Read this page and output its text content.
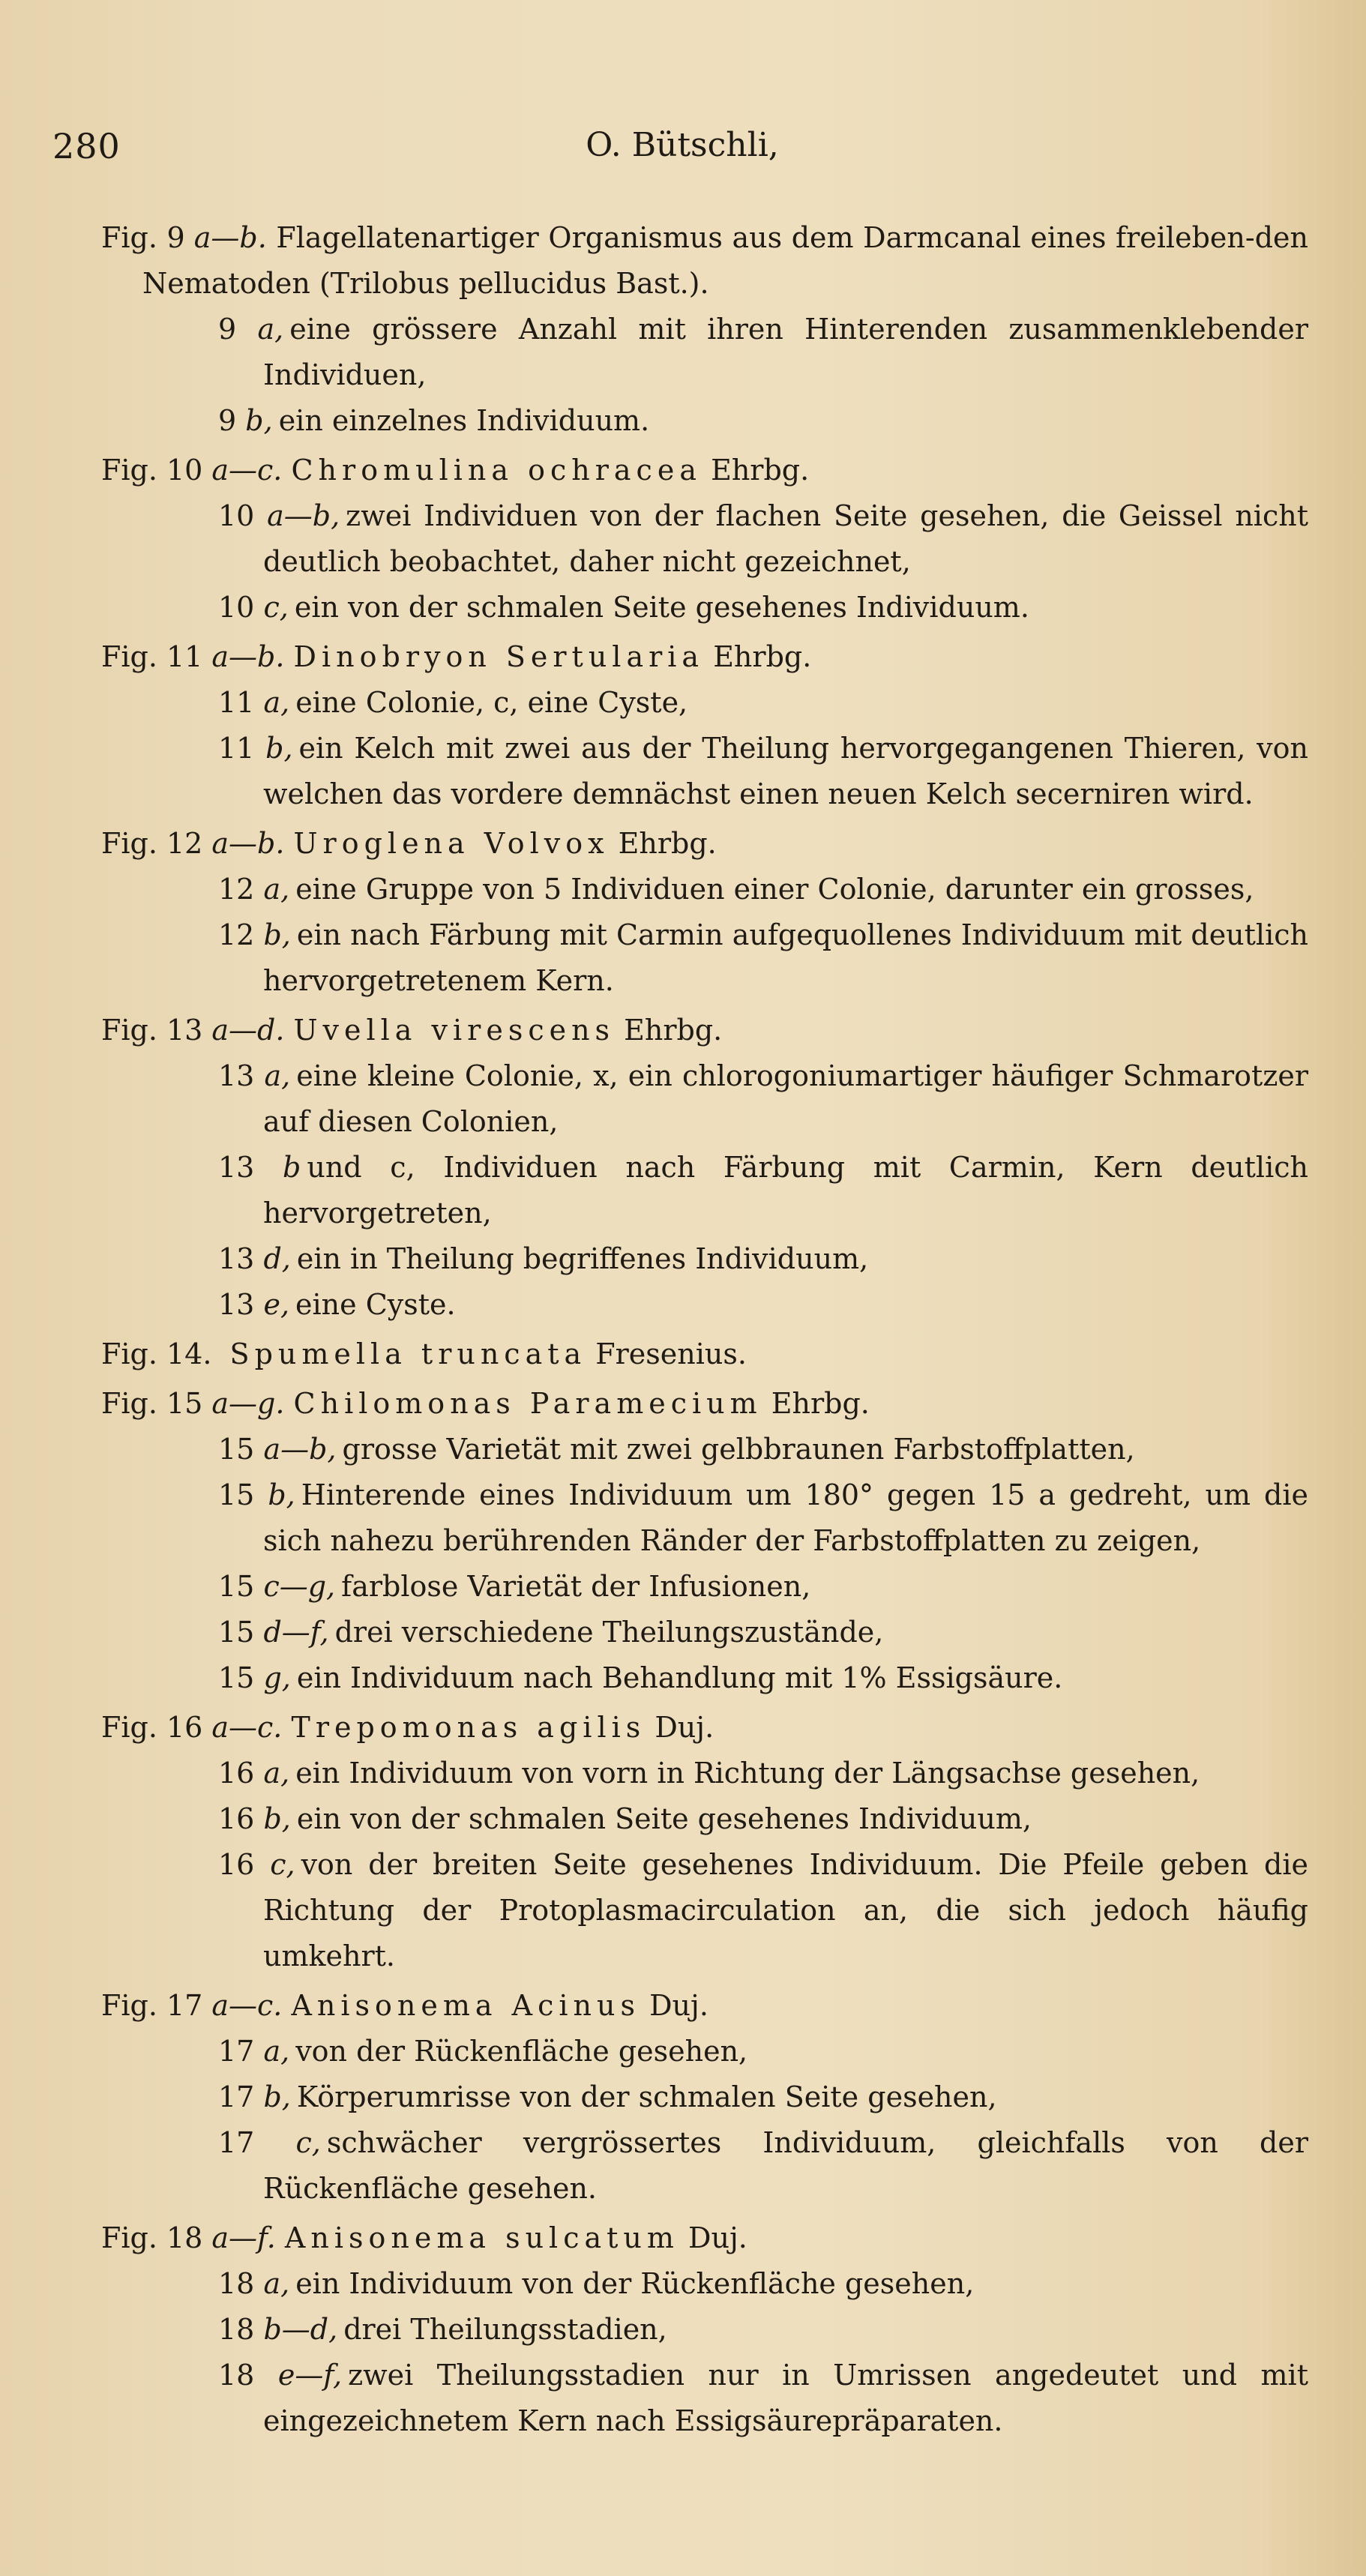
280	O. Bütschli,
Fig. 9 a—b. Flagellatenartiger Organismus aus dem Darmcanal eines freileben-den Nematoden (Trilobus pellucidus Bast.).
9 a, eine grössere Anzahl mit ihren Hinterenden zusammenklebender Individuen,
9 b, ein einzelnes Individuum.
Fig. 10 a—c. Chromulina ochracea Ehrbg.
10 a—b, zwei Individuen von der flachen Seite gesehen, die Geissel nicht deutlich beobachtet, daher nicht gezeichnet,
10 c, ein von der schmalen Seite gesehenes Individuum.
Fig. 11 a—b. Dinobryon Sertularia Ehrbg.
11 a, eine Colonie, c, eine Cyste,
11 b, ein Kelch mit zwei aus der Theilung hervorgegangenen Thieren, von welchen das vordere demnächst einen neuen Kelch secerniren wird.
Fig. 12 a—b. Uroglena Volvox Ehrbg.
12 a, eine Gruppe von 5 Individuen einer Colonie, darunter ein grosses,
12 b, ein nach Färbung mit Carmin aufgequollenes Individuum mit deutlich hervorgetretenem Kern.
Fig. 13 a—d. Uvella virescens Ehrbg.
13 a, eine kleine Colonie, x, ein chlorogoniumartiger häufiger Schmarotzer auf diesen Colonien,
13 b und c, Individuen nach Färbung mit Carmin, Kern deutlich hervorgetreten,
13 d, ein in Theilung begriffenes Individuum,
13 e, eine Cyste.
Fig. 14. Spumella truncata Fresenius.
Fig. 15 a—g. Chilomonas Paramecium Ehrbg.
15 a—b, grosse Varietät mit zwei gelbbraunen Farbstoffplatten,
15 b, Hinterende eines Individuum um 180° gegen 15 a gedreht, um die sich nahezu berührenden Ränder der Farbstoffplatten zu zeigen,
15 c—g, farblose Varietät der Infusionen,
15 d—f, drei verschiedene Theilungszustände,
15 g, ein Individuum nach Behandlung mit 1% Essigsäure.
Fig. 16 a—c. Trepomonas agilis Duj.
16 a, ein Individuum von vorn in Richtung der Längsachse gesehen,
16 b, ein von der schmalen Seite gesehenes Individuum,
16 c, von der breiten Seite gesehenes Individuum. Die Pfeile geben die Richtung der Protoplasmacirculation an, die sich jedoch häufig umkehrt.
Fig. 17 a—c. Anisonema Acinus Duj.
17 a, von der Rückenfläche gesehen,
17 b, Körperumrisse von der schmalen Seite gesehen,
17 c, schwächer vergrössertes Individuum, gleichfalls von der Rückenfläche gesehen.
Fig. 18 a—f. Anisonema sulcatum Duj.
18 a, ein Individuum von der Rückenfläche gesehen,
18 b—d, drei Theilungsstadien,
18 e—f, zwei Theilungsstadien nur in Umrissen angedeutet und mit eingezeichnetem Kern nach Essigsäurepräparaten.
